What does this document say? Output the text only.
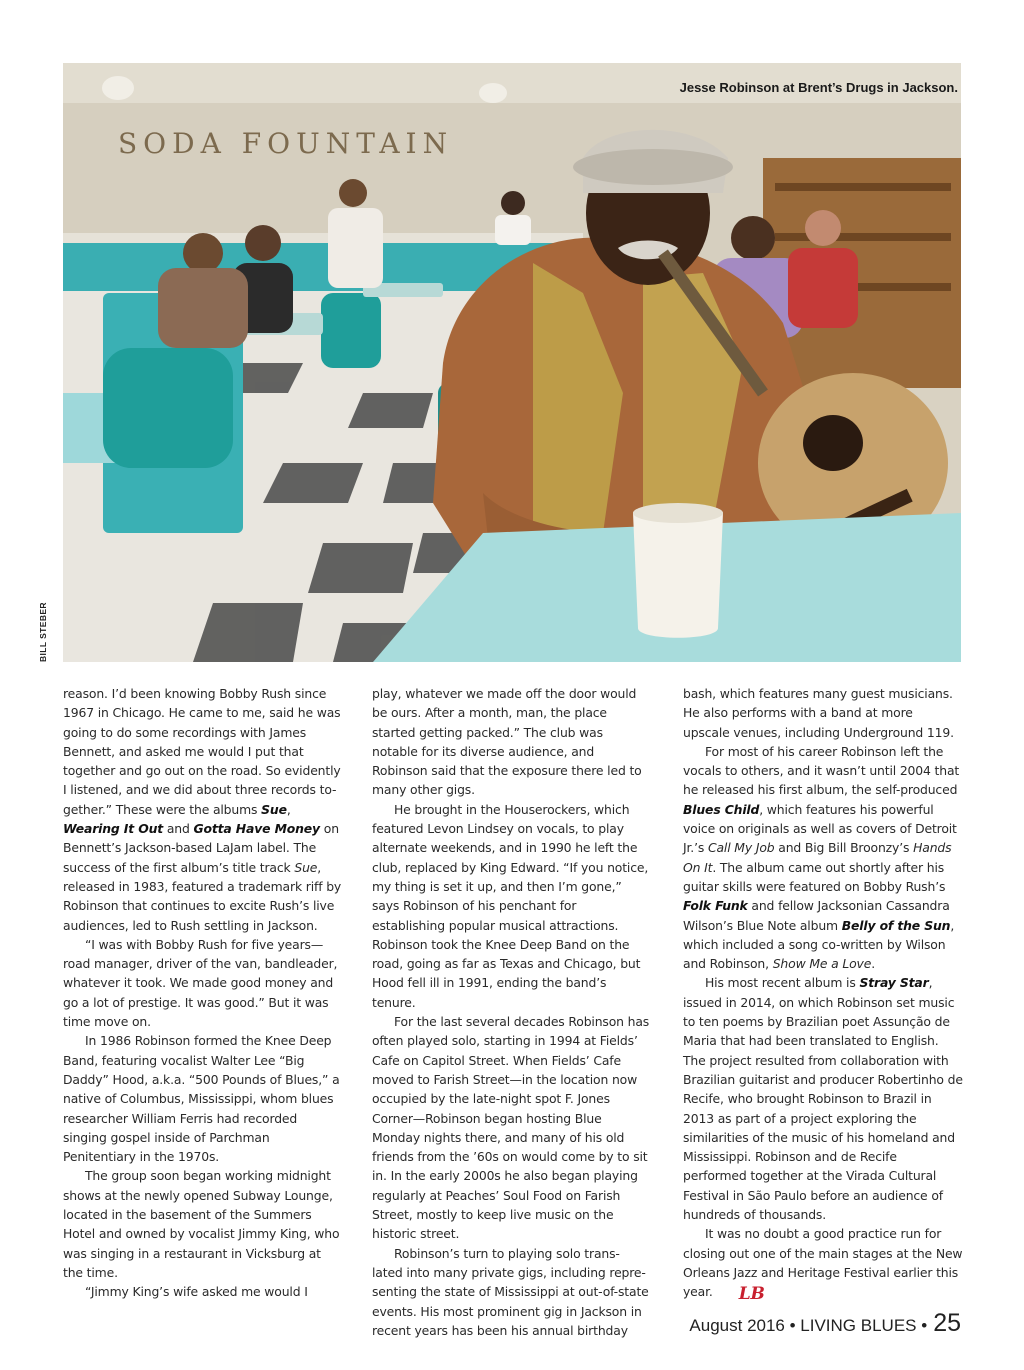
SODA FOUNTAIN
Jesse Robinson at Brent’s Drugs in Jackson.
BILL STEBER

reason. I’d been knowing Bobby Rush since 1967 in Chicago. He came to me, said he was going to do some recordings with James Bennett, and asked me would I put that together and go out on the road. So evidently I listened, and we did about three records to- gether.” These were the albums Sue, Wearing It Out and Gotta Have Money on Bennett’s Jackson-based LaJam label. The success of the first album’s title track Sue, released in 1983, featured a trademark riff by Robinson that continues to excite Rush’s live audiences, led to Rush settling in Jackson.

“I was with Bobby Rush for five years—road manager, driver of the van, bandleader, whatever it took. We made good money and go a lot of prestige. It was good.” But it was time move on.

In 1986 Robinson formed the Knee Deep Band, featuring vocalist Walter Lee “Big Daddy” Hood, a.k.a. “500 Pounds of Blues,” a native of Columbus, Mississippi, whom blues researcher William Ferris had recorded singing gospel inside of Parchman Penitentiary in the 1970s.

The group soon began working midnight shows at the newly opened Subway Lounge, located in the basement of the Summers Hotel and owned by vocalist Jimmy King, who was singing in a restaurant in Vicksburg at the time.

“Jimmy King’s wife asked me would I

play, whatever we made off the door would be ours. After a month, man, the place started getting packed.” The club was notable for its diverse audience, and Robinson said that the exposure there led to many other gigs.

He brought in the Houserockers, which featured Levon Lindsey on vocals, to play alternate weekends, and in 1990 he left the club, replaced by King Edward. “If you notice, my thing is set it up, and then I’m gone,” says Robinson of his penchant for establishing popular musical attractions. Robinson took the Knee Deep Band on the road, going as far as Texas and Chicago, but Hood fell ill in 1991, ending the band’s tenure.

For the last several decades Robinson has often played solo, starting in 1994 at Fields’ Cafe on Capitol Street. When Fields’ Cafe moved to Farish Street—in the location now occupied by the late-night spot F. Jones Corner—Robinson began hosting Blue Monday nights there, and many of his old friends from the ’60s on would come by to sit in. In the early 2000s he also began playing regularly at Peaches’ Soul Food on Farish Street, mostly to keep live music on the historic street.

Robinson’s turn to playing solo trans- lated into many private gigs, including repre- senting the state of Mississippi at out-of-state events. His most prominent gig in Jackson in recent years has been his annual birthday

bash, which features many guest musicians. He also performs with a band at more upscale venues, including Underground 119.

For most of his career Robinson left the vocals to others, and it wasn’t until 2004 that he released his first album, the self-produced Blues Child, which features his powerful voice on originals as well as covers of Detroit Jr.’s Call My Job and Big Bill Broonzy’s Hands On It. The album came out shortly after his guitar skills were featured on Bobby Rush’s Folk Funk and fellow Jacksonian Cassandra Wilson’s Blue Note album Belly of the Sun, which included a song co-written by Wilson and Robinson, Show Me a Love.

His most recent album is Stray Star, issued in 2014, on which Robinson set music to ten poems by Brazilian poet Assunção de Maria that had been translated to English. The project resulted from collaboration with Brazilian guitarist and producer Robertinho de Recife, who brought Robinson to Brazil in 2013 as part of a project exploring the similarities of the music of his homeland and Mississippi. Robinson and de Recife performed together at the Virada Cultural Festival in São Paulo before an audience of hundreds of thousands.

It was no doubt a good practice run for closing out one of the main stages at the New Orleans Jazz and Heritage Festival earlier this year. LB

August 2016 • LIVING BLUES • 25
